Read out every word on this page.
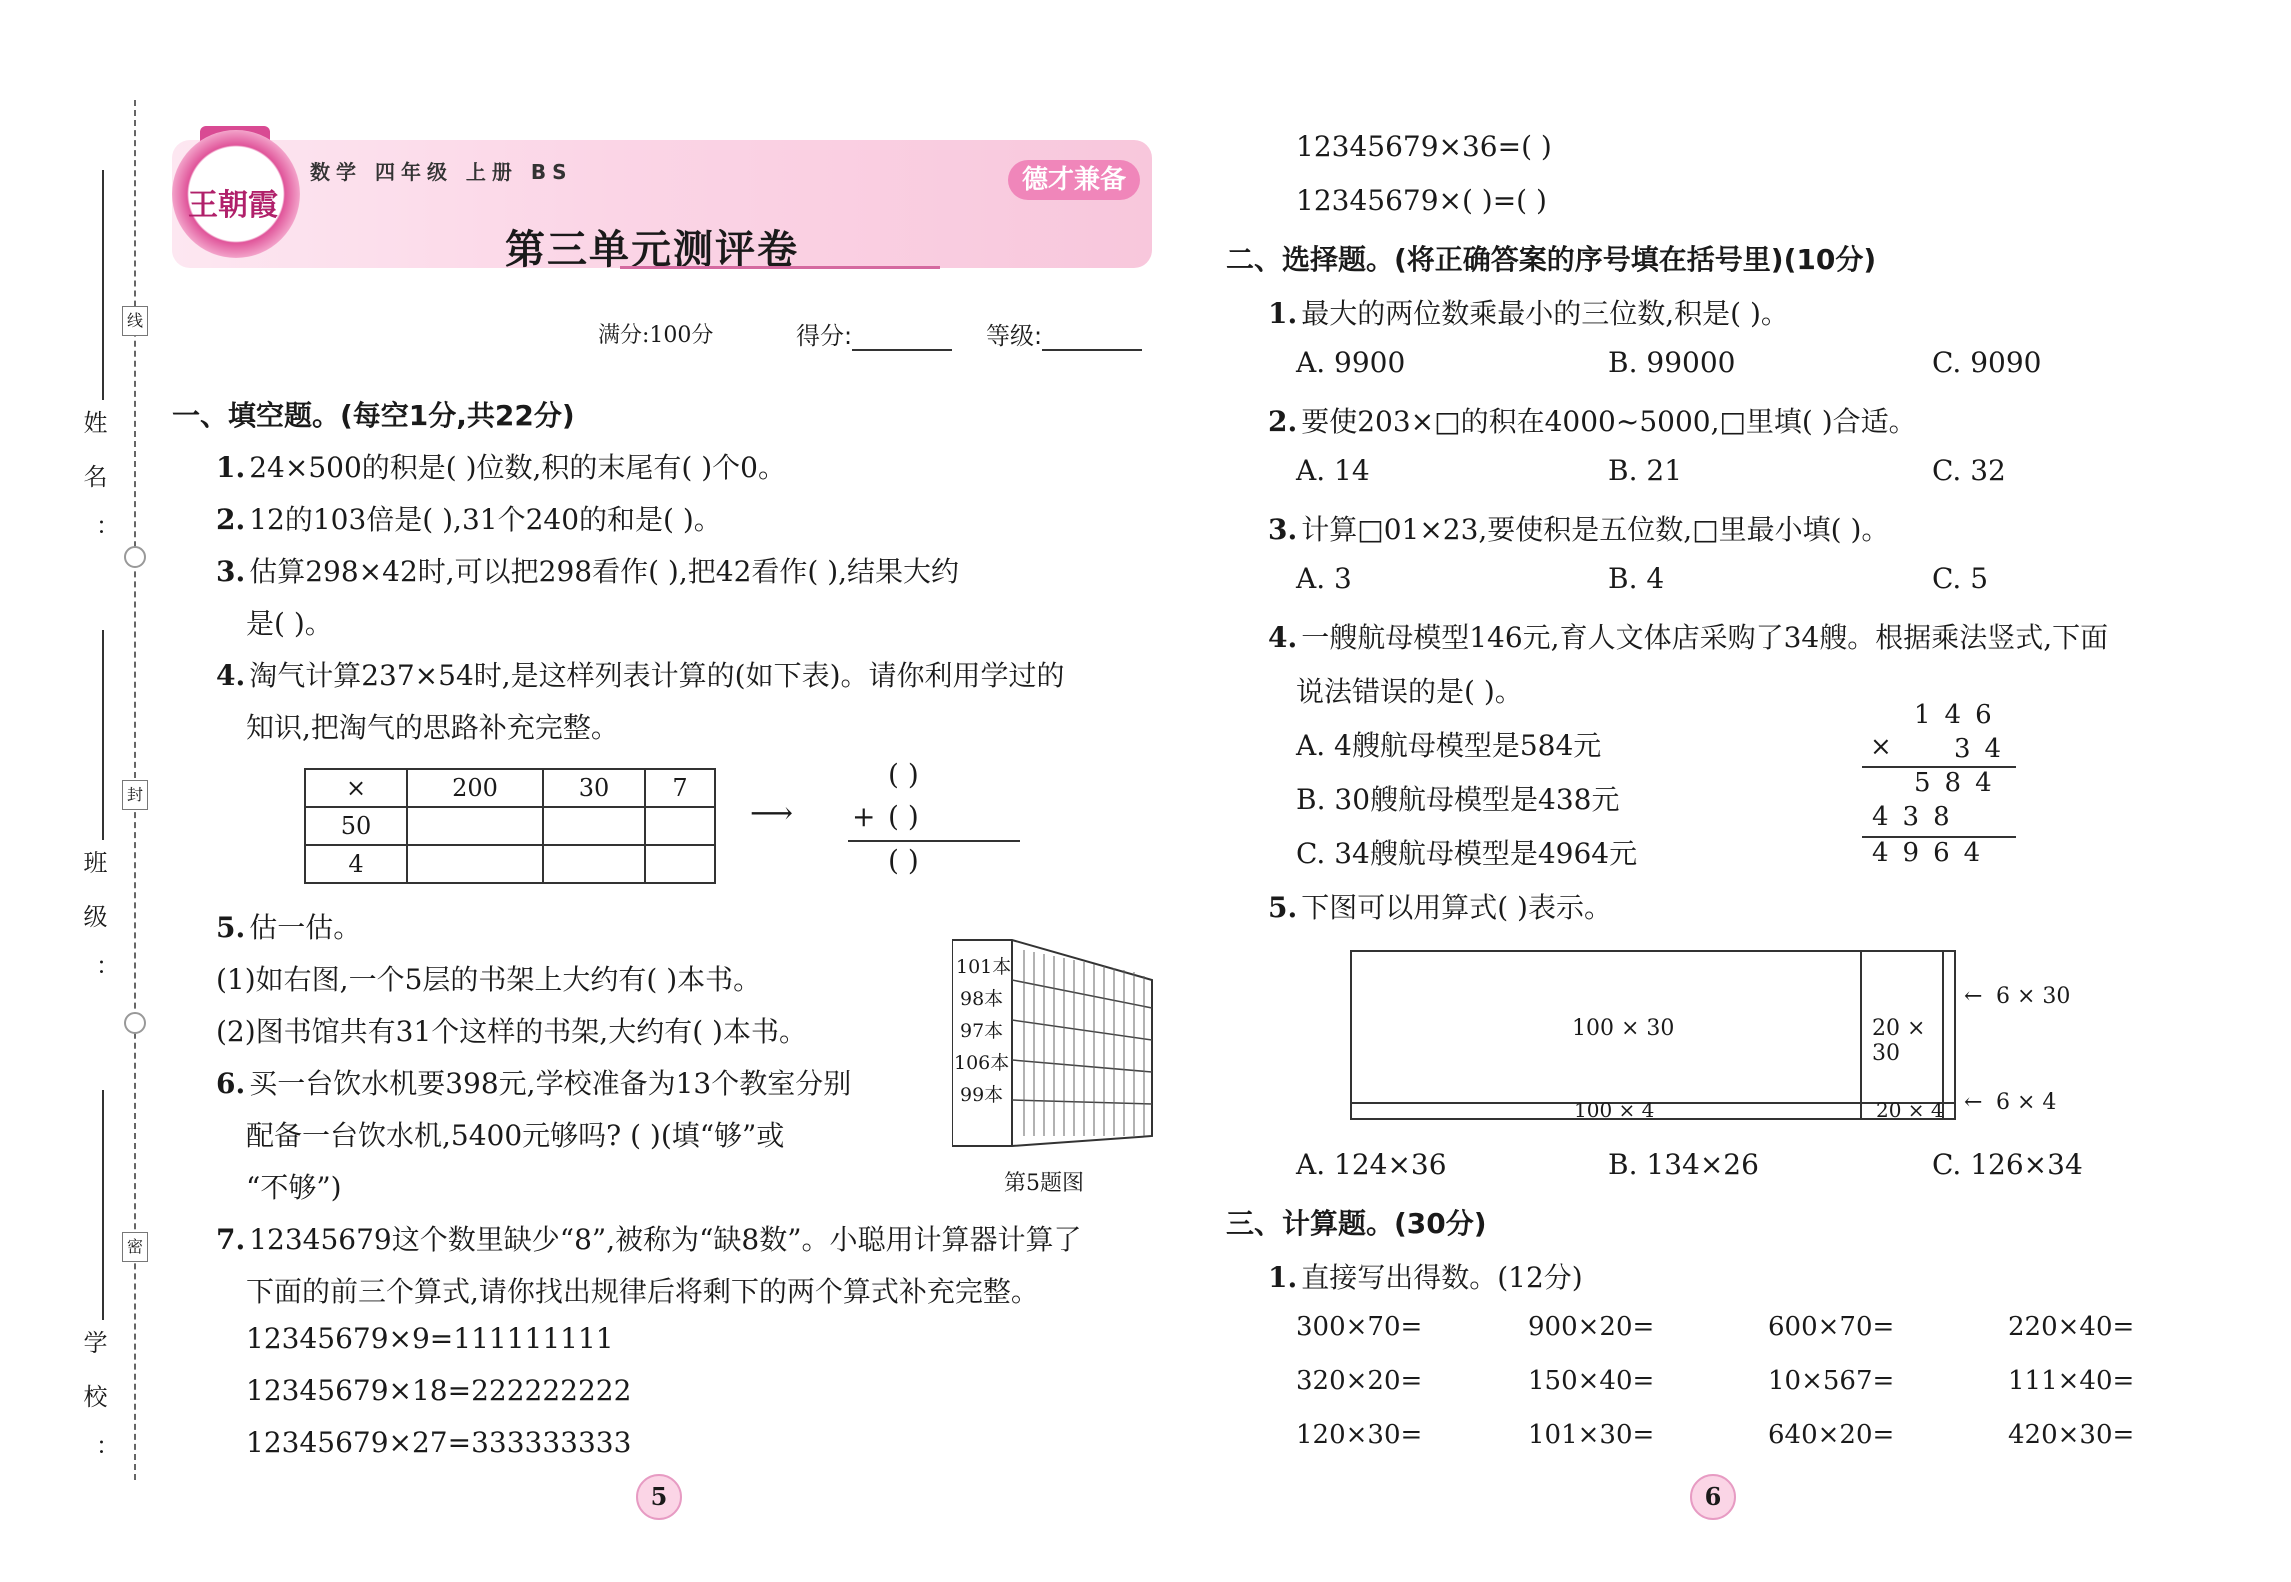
姓名：
班级：
学校：
线
封
密
王朝霞
数学 四年级 上册 BS	德才兼备
第三单元测评卷
满分:100分	得分:	等级:
一、填空题。(每空1分,共22分)
1. 24×500的积是( )位数,积的末尾有( )个0。
2. 12的103倍是( ),31个240的和是( )。
3. 估算298×42时,可以把298看作( ),把42看作( ),结果大约
是( )。
4. 淘气计算237×54时,是这样列表计算的(如下表)。请你利用学过的
知识,把淘气的思路补充完整。
×	200	30	7
50			
4			
⟶
( )
+ ( )
( )
5. 估一估。
(1)如右图,一个5层的书架上大约有( )本书。
(2)图书馆共有31个这样的书架,大约有( )本书。
101本
98本
97本
106本
99本
第5题图
6. 买一台饮水机要398元,学校准备为13个教室分别
配备一台饮水机,5400元够吗? ( )(填“够”或
“不够”)
7. 12345679这个数里缺少“8”,被称为“缺8数”。小聪用计算器计算了
下面的前三个算式,请你找出规律后将剩下的两个算式补充完整。
12345679×9=111111111
12345679×18=222222222
12345679×27=333333333
5
12345679×36=( )
12345679×( )=( )
二、选择题。(将正确答案的序号填在括号里)(10分)
1. 最大的两位数乘最小的三位数,积是( )。
A. 9900	B. 99000	C. 9090
2. 要使203×□的积在4000~5000,□里填( )合适。
A. 14	B. 21	C. 32
3. 计算□01×23,要使积是五位数,□里最小填( )。
A. 3	B. 4	C. 5
4. 一艘航母模型146元,育人文体店采购了34艘。根据乘法竖式,下面
说法错误的是( )。
A. 4艘航母模型是584元
B. 30艘航母模型是438元
C. 34艘航母模型是4964元
146
× 34
584
438
4964
5. 下图可以用算式( )表示。
100 × 30	20 × 30
100 × 4	20 × 4
← 6 × 30
← 6 × 4
A. 124×36	B. 134×26	C. 126×34
三、计算题。(30分)
1. 直接写出得数。(12分)
300×70=	900×20=	600×70=	220×40=
320×20=	150×40=	10×567=	111×40=
120×30=	101×30=	640×20=	420×30=
6
